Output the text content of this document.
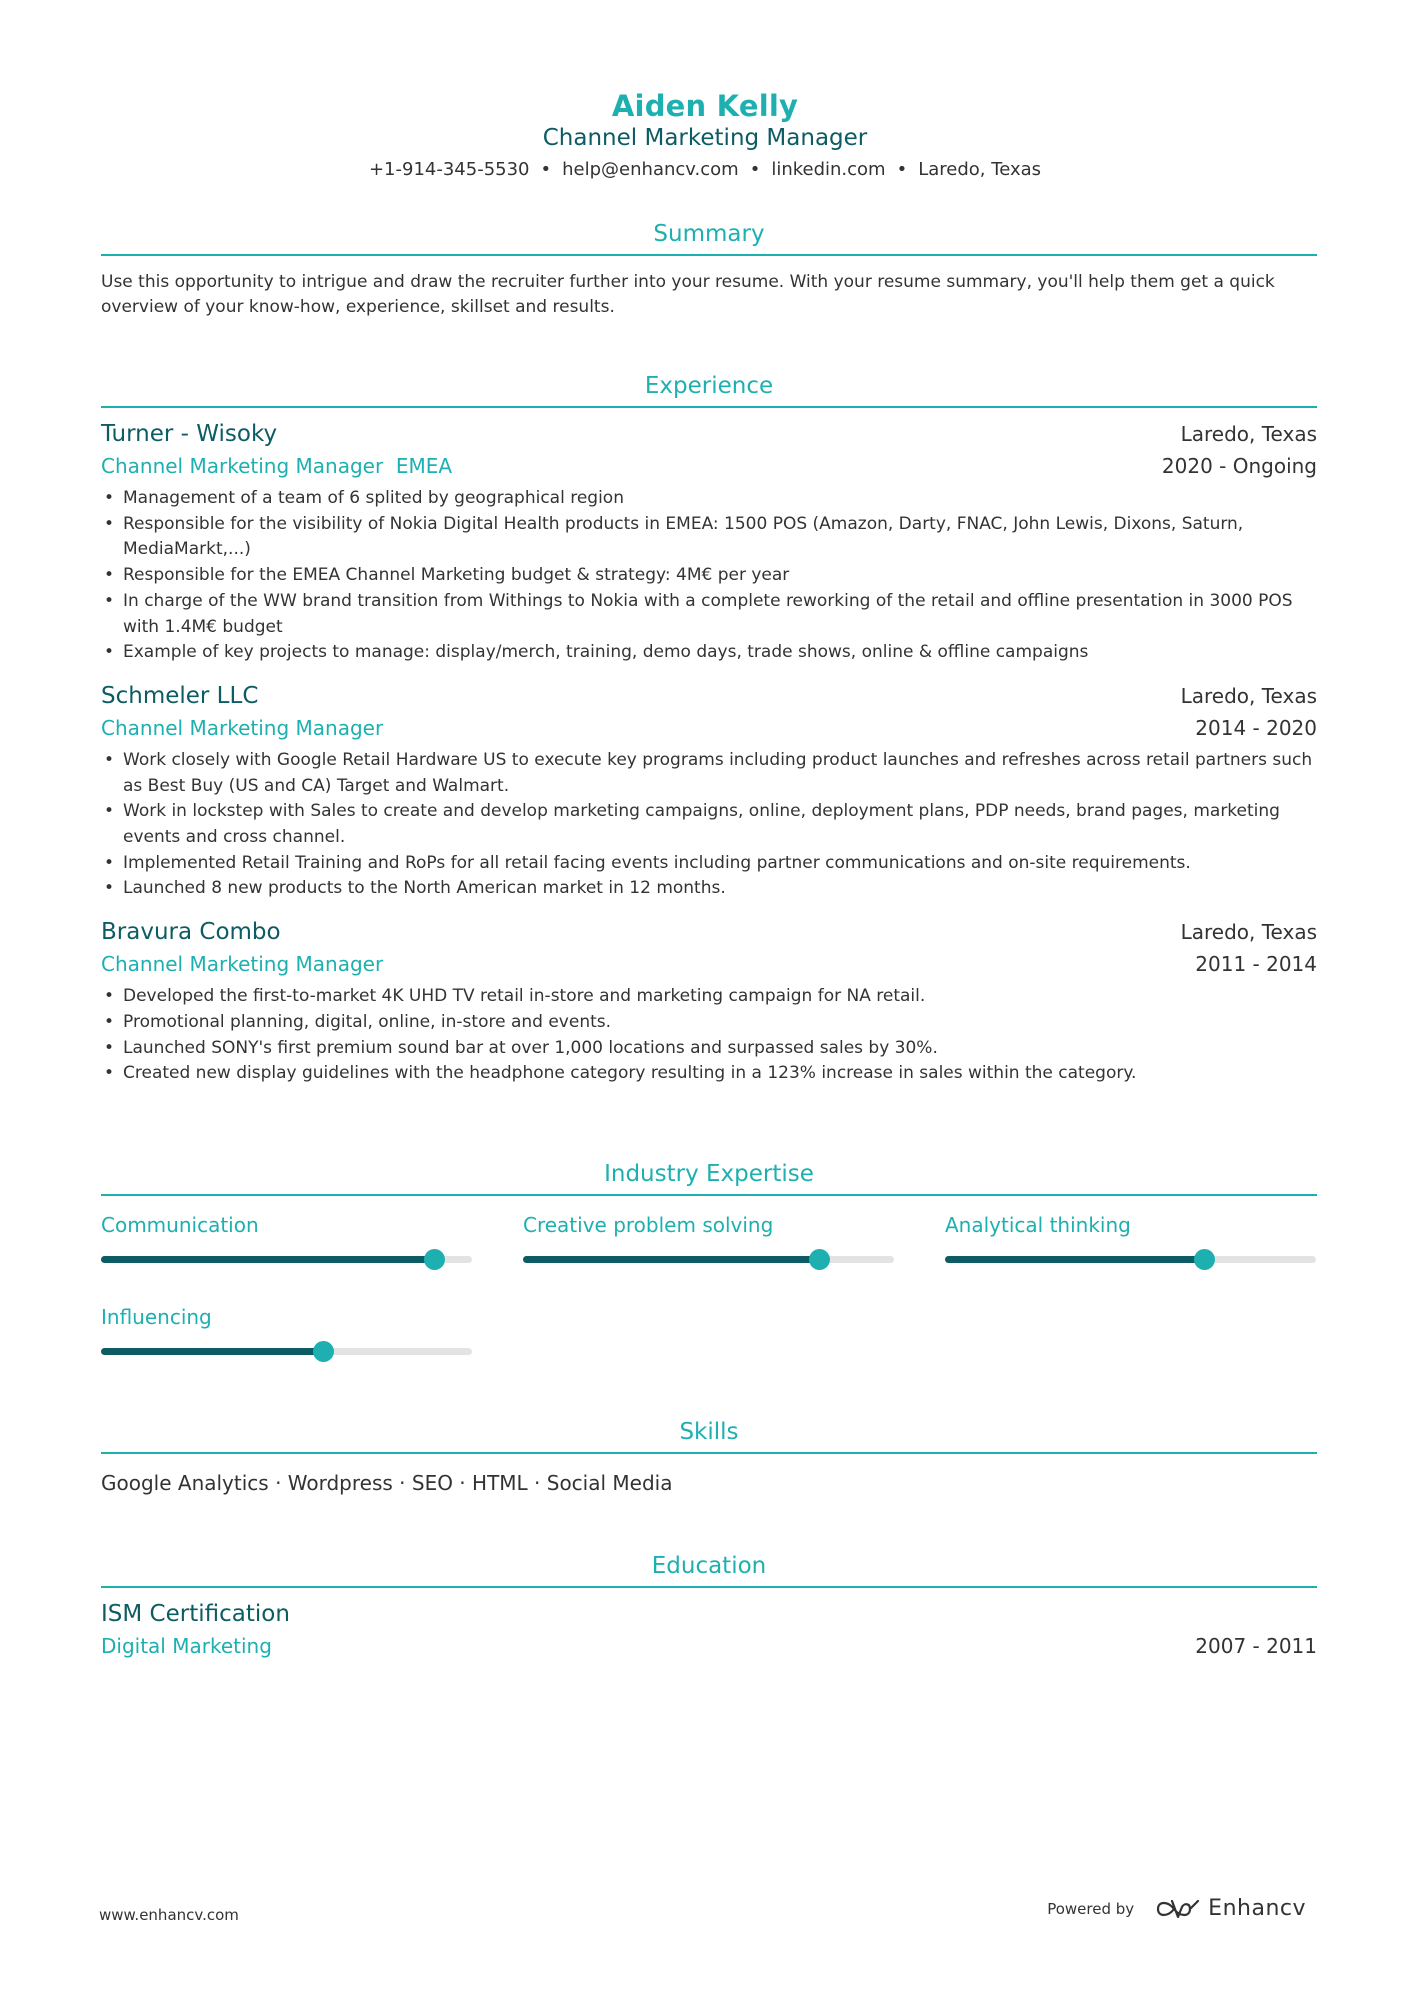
Aiden Kelly
Channel Marketing Manager
+1-914-345-5530 • help@enhancv.com • linkedin.com • Laredo, Texas
Summary
Use this opportunity to intrigue and draw the recruiter further into your resume. With your resume summary, you'll help them get a quick overview of your know-how, experience, skillset and results.
Experience
Turner - Wisoky	Laredo, Texas
Channel Marketing Manager  EMEA	2020 - Ongoing
• Management of a team of 6 splited by geographical region
• Responsible for the visibility of Nokia Digital Health products in EMEA: 1500 POS (Amazon, Darty, FNAC, John Lewis, Dixons, Saturn, MediaMarkt,...)
• Responsible for the EMEA Channel Marketing budget & strategy: 4M€ per year
• In charge of the WW brand transition from Withings to Nokia with a complete reworking of the retail and offline presentation in 3000 POS with 1.4M€ budget
• Example of key projects to manage: display/merch, training, demo days, trade shows, online & offline campaigns
Schmeler LLC	Laredo, Texas
Channel Marketing Manager	2014 - 2020
• Work closely with Google Retail Hardware US to execute key programs including product launches and refreshes across retail partners such as Best Buy (US and CA) Target and Walmart.
• Work in lockstep with Sales to create and develop marketing campaigns, online, deployment plans, PDP needs, brand pages, marketing events and cross channel.
• Implemented Retail Training and RoPs for all retail facing events including partner communications and on-site requirements.
• Launched 8 new products to the North American market in 12 months.
Bravura Combo	Laredo, Texas
Channel Marketing Manager	2011 - 2014
• Developed the first-to-market 4K UHD TV retail in-store and marketing campaign for NA retail.
• Promotional planning, digital, online, in-store and events.
• Launched SONY's first premium sound bar at over 1,000 locations and surpassed sales by 30%.
• Created new display guidelines with the headphone category resulting in a 123% increase in sales within the category.
Industry Expertise
Communication	Creative problem solving	Analytical thinking
Influencing
Skills
Google Analytics · Wordpress · SEO · HTML · Social Media
Education
ISM Certification
Digital Marketing	2007 - 2011
www.enhancv.com	Powered by	Enhancv
